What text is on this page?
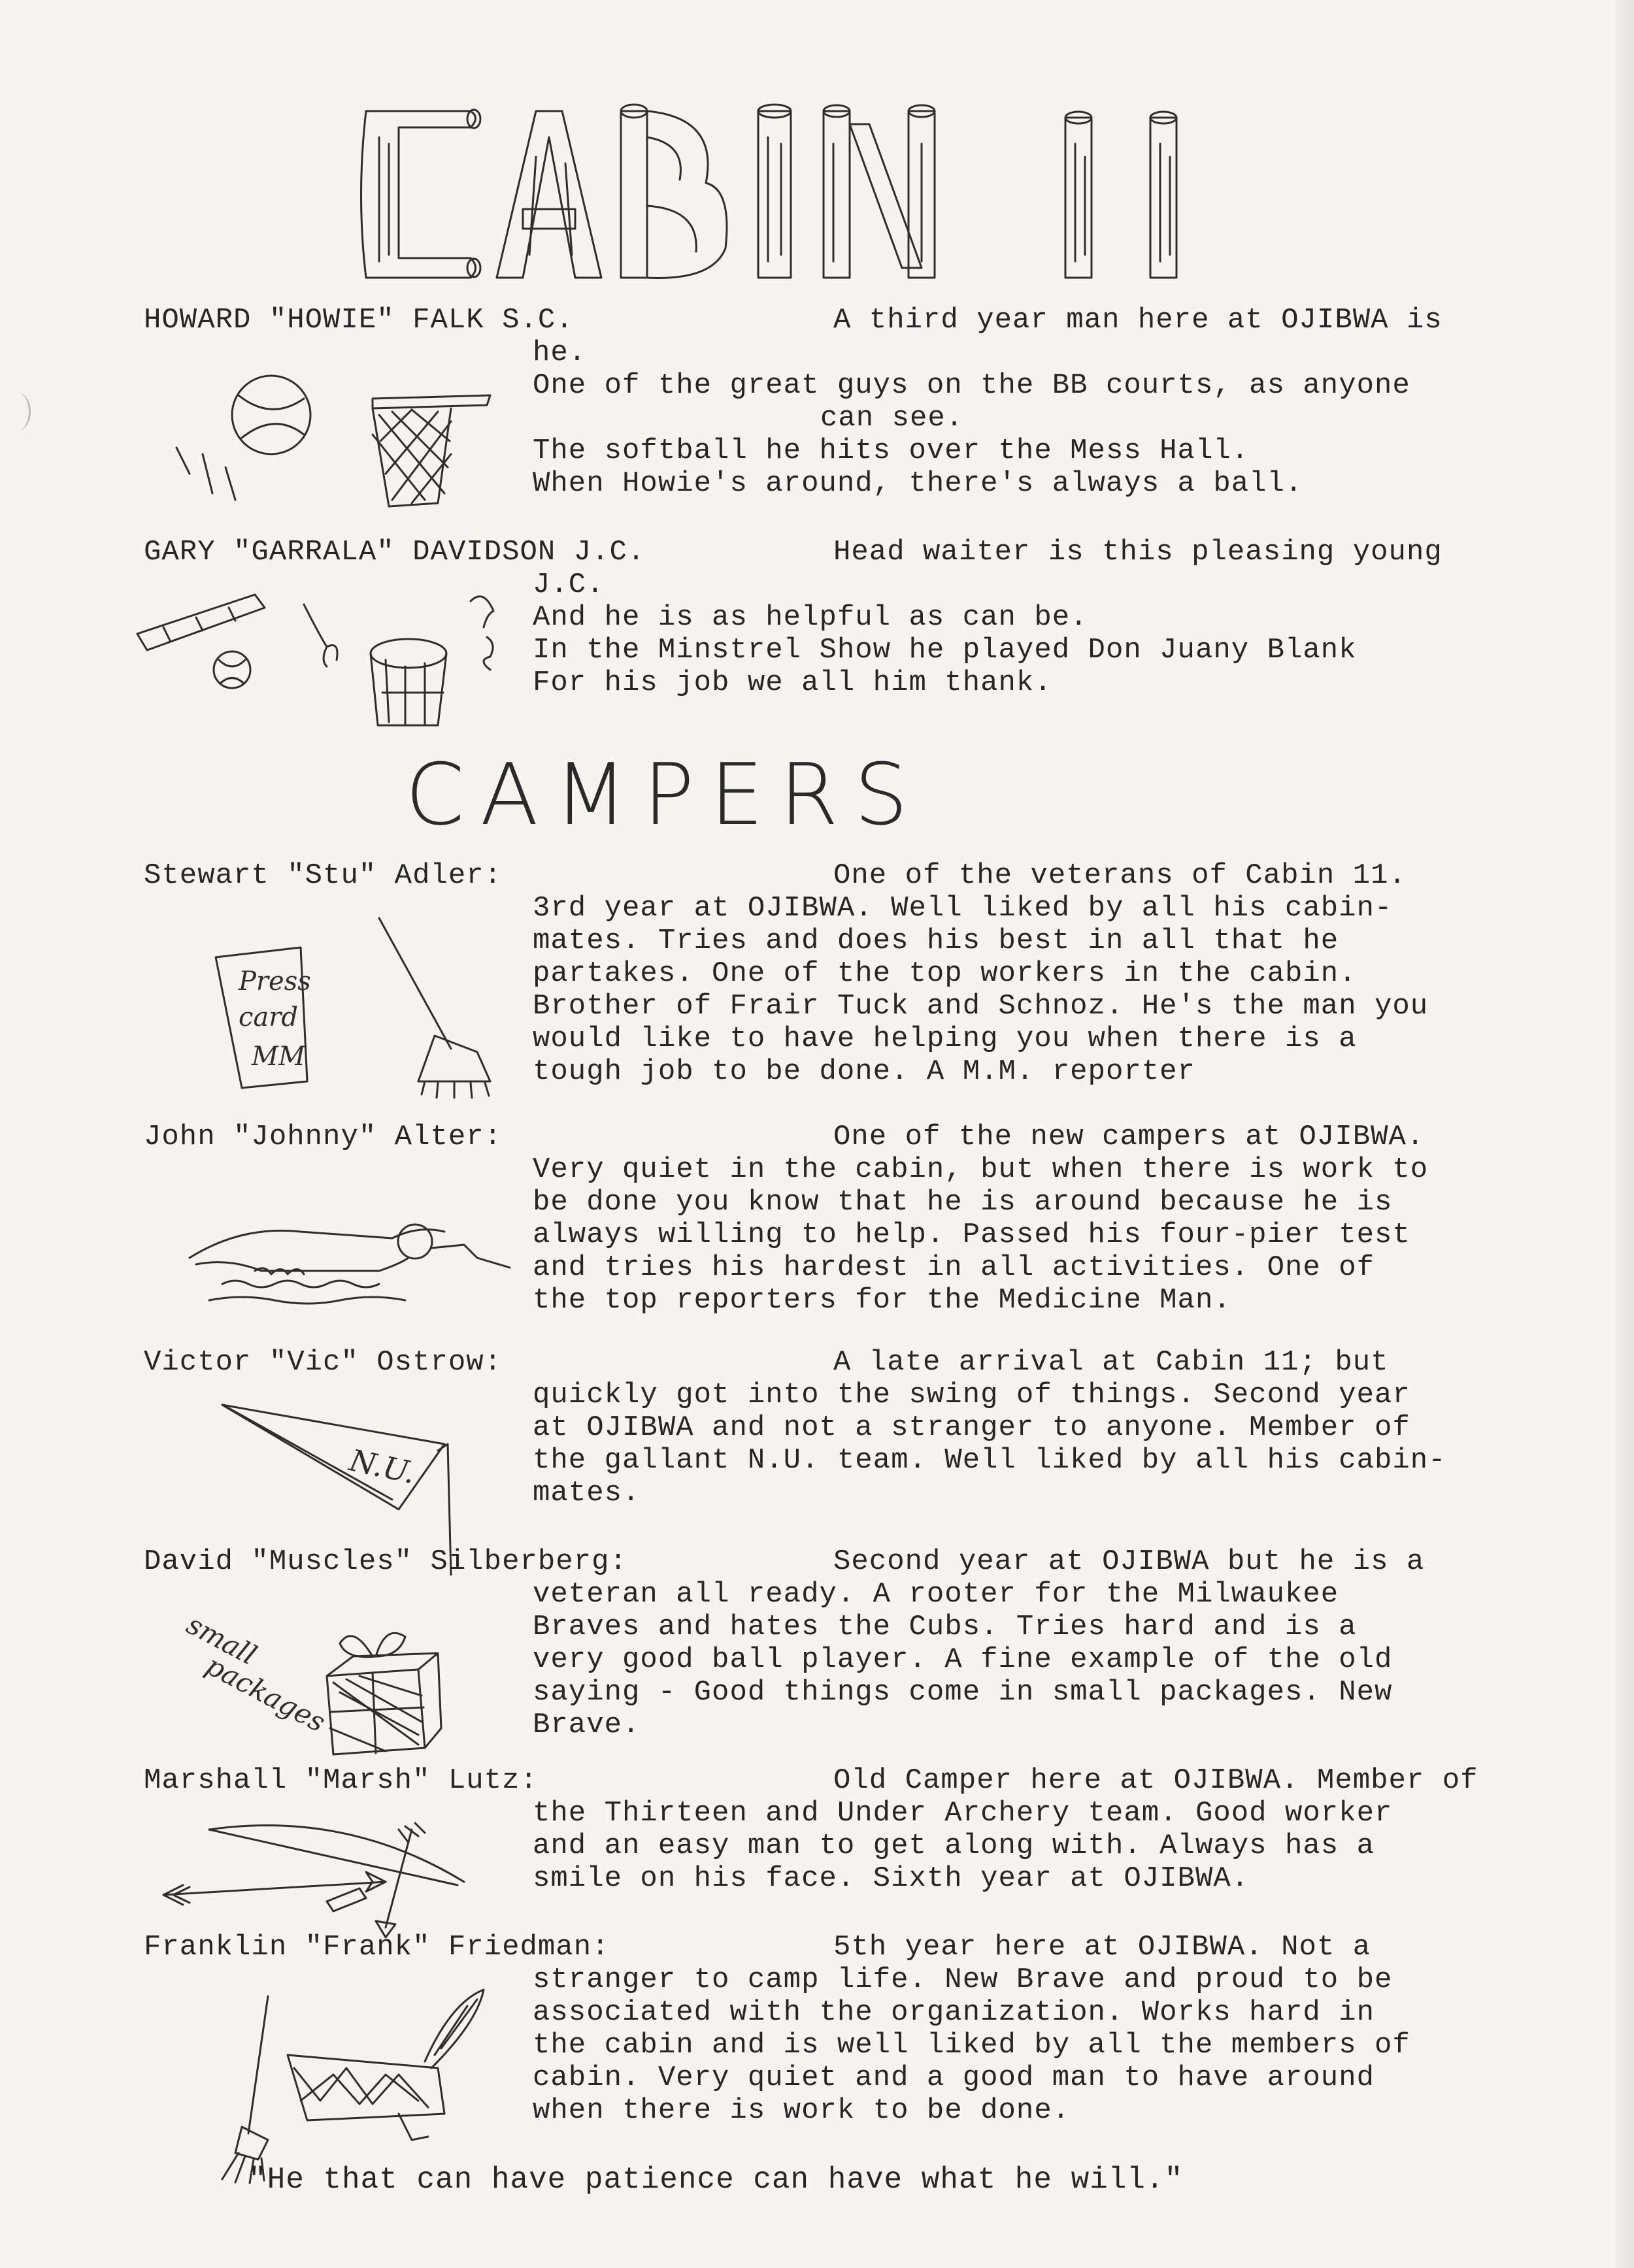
HOWARD "HOWIE" FALK S.C.	A third year man here at OJIBWA is
he.
One of the great guys on the BB courts, as anyone
can see.
The softball he hits over the Mess Hall.
When Howie's around, there's always a ball.
GARY "GARRALA" DAVIDSON J.C.	Head waiter is this pleasing young
J.C.
And he is as helpful as can be.
In the Minstrel Show he played Don Juany Blank
For his job we all him thank.
CAMPERS
Stewart "Stu" Adler:	One of the veterans of Cabin 11.
3rd year at OJIBWA. Well liked by all his cabin-
mates. Tries and does his best in all that he
partakes. One of the top workers in the cabin.
Brother of Frair Tuck and Schnoz. He's the man you
would like to have helping you when there is a
tough job to be done. A M.M. reporter
Press
card
MM
John "Johnny" Alter:	One of the new campers at OJIBWA.
Very quiet in the cabin, but when there is work to
be done you know that he is around because he is
always willing to help. Passed his four-pier test
and tries his hardest in all activities. One of
the top reporters for the Medicine Man.
Victor "Vic" Ostrow:	A late arrival at Cabin 11; but
quickly got into the swing of things. Second year
at OJIBWA and not a stranger to anyone. Member of
the gallant N.U. team. Well liked by all his cabin-
mates.
N.U.
David "Muscles" Silberberg:	Second year at OJIBWA but he is a
veteran all ready. A rooter for the Milwaukee
Braves and hates the Cubs. Tries hard and is a
very good ball player. A fine example of the old
saying - Good things come in small packages. New
Brave.
small
packages
Marshall "Marsh" Lutz:	Old Camper here at OJIBWA. Member of
the Thirteen and Under Archery team. Good worker
and an easy man to get along with. Always has a
smile on his face. Sixth year at OJIBWA.
Franklin "Frank" Friedman:	5th year here at OJIBWA. Not a
stranger to camp life. New Brave and proud to be
associated with the organization. Works hard in
the cabin and is well liked by all the members of
cabin. Very quiet and a good man to have around
when there is work to be done.
"He that can have patience can have what he will."
